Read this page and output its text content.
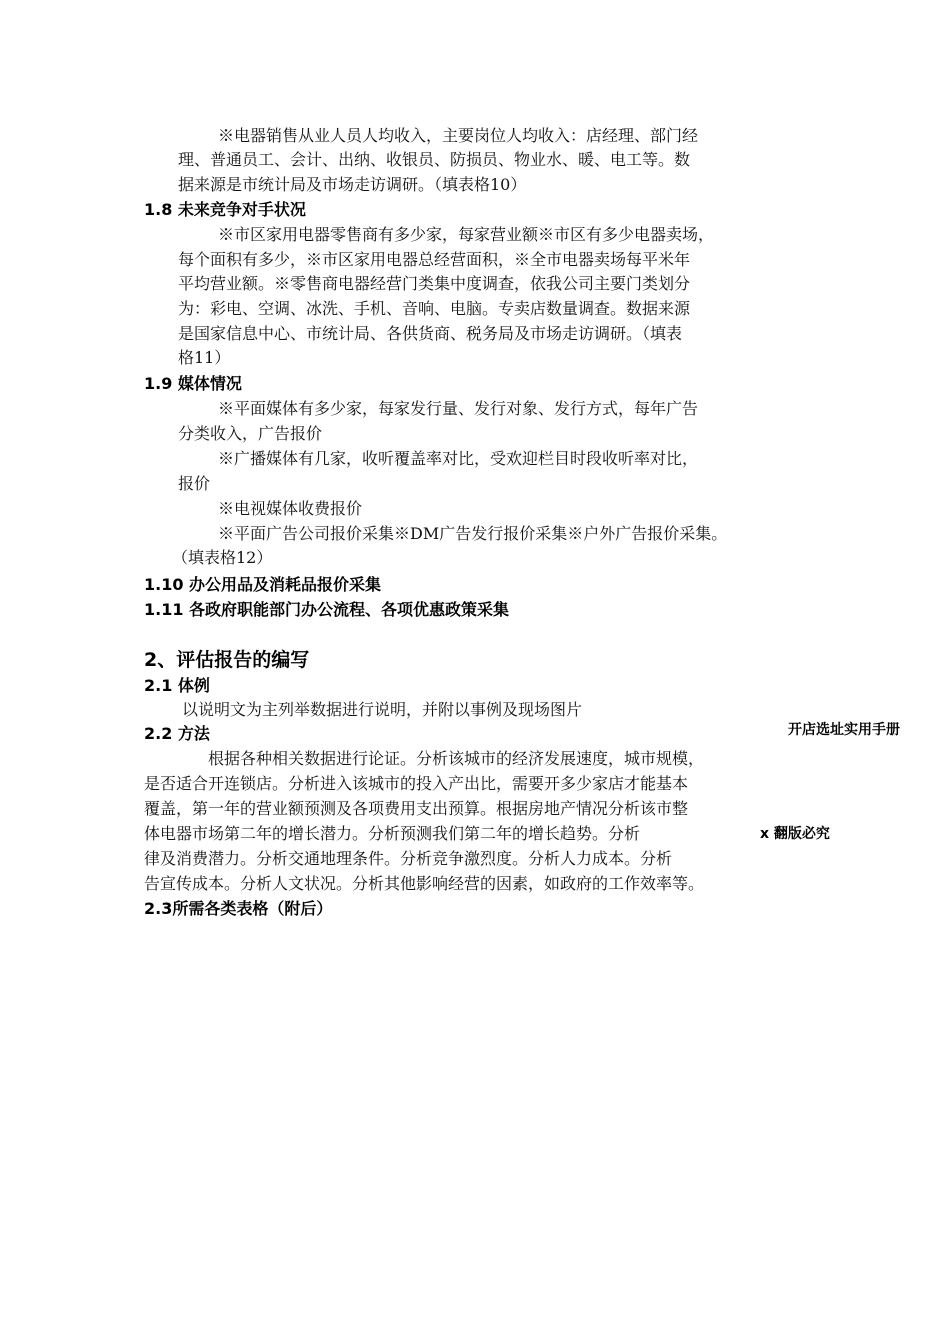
※电器销售从业人员人均收入，主要岗位人均收入：店经理、部门经
理、普通员工、会计、出纳、收银员、防损员、物业水、暖、电工等。数
据来源是市统计局及市场走访调研。（填表格10）
1.8 未来竞争对手状况
※市区家用电器零售商有多少家，每家营业额※市区有多少电器卖场，
每个面积有多少，※市区家用电器总经营面积，※全市电器卖场每平米年
平均营业额。※零售商电器经营门类集中度调查，依我公司主要门类划分
为：彩电、空调、冰洗、手机、音响、电脑。专卖店数量调查。数据来源
是国家信息中心、市统计局、各供货商、税务局及市场走访调研。（填表
格11）
1.9 媒体情况
※平面媒体有多少家，每家发行量、发行对象、发行方式，每年广告
分类收入，广告报价
※广播媒体有几家，收听覆盖率对比，受欢迎栏目时段收听率对比，
报价
※电视媒体收费报价
※平面广告公司报价采集※DM广告发行报价采集※户外广告报价采集。
（填表格12）
1.10 办公用品及消耗品报价采集
1.11 各政府职能部门办公流程、各项优惠政策采集
2、评估报告的编写
2.1 体例
以说明文为主列举数据进行说明，并附以事例及现场图片
2.2 方法
根据各种相关数据进行论证。分析该城市的经济发展速度，城市规模，
是否适合开连锁店。分析进入该城市的投入产出比，需要开多少家店才能基本
覆盖，第一年的营业额预测及各项费用支出预算。根据房地产情况分析该市整
体电器市场第二年的增长潜力。分析预测我们第二年的增长趋势。分析
律及消费潜力。分析交通地理条件。分析竞争激烈度。分析人力成本。分析
告宣传成本。分析人文状况。分析其他影响经营的因素，如政府的工作效率等。
2.3所需各类表格（附后）
开店选址实用手册
x 翻版必究
